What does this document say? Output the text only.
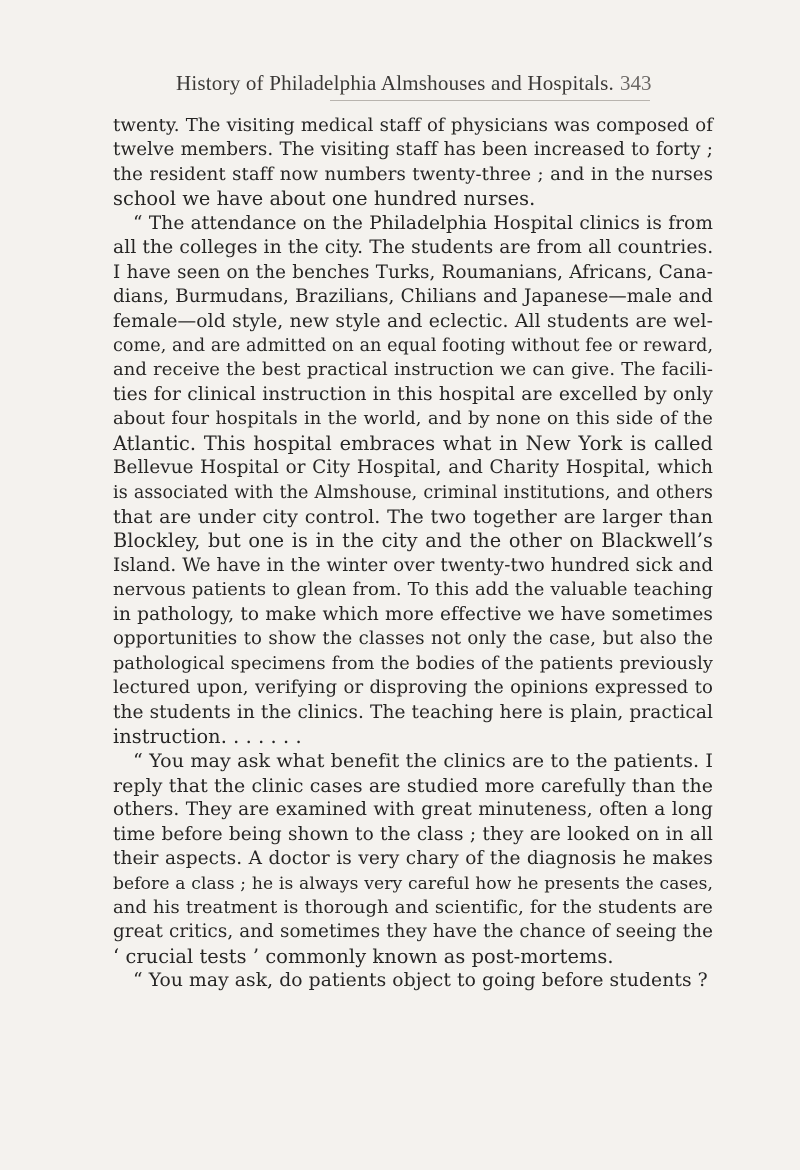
History of Philadelphia Almshouses and Hospitals. 343
twenty. The visiting medical staff of physicians was composed of
twelve members. The visiting staff has been increased to forty ;
the resident staff now numbers twenty-three ; and in the nurses
school we have about one hundred nurses.
“ The attendance on the Philadelphia Hospital clinics is from
all the colleges in the city. The students are from all countries.
I have seen on the benches Turks, Roumanians, Africans, Cana-
dians, Burmudans, Brazilians, Chilians and Japanese—male and
female—old style, new style and eclectic. All students are wel-
come, and are admitted on an equal footing without fee or reward,
and receive the best practical instruction we can give. The facili-
ties for clinical instruction in this hospital are excelled by only
about four hospitals in the world, and by none on this side of the
Atlantic. This hospital embraces what in New York is called
Bellevue Hospital or City Hospital, and Charity Hospital, which
is associated with the Almshouse, criminal institutions, and others
that are under city control. The two together are larger than
Blockley, but one is in the city and the other on Blackwell’s
Island. We have in the winter over twenty-two hundred sick and
nervous patients to glean from. To this add the valuable teaching
in pathology, to make which more effective we have sometimes
opportunities to show the classes not only the case, but also the
pathological specimens from the bodies of the patients previously
lectured upon, verifying or disproving the opinions expressed to
the students in the clinics. The teaching here is plain, practical
instruction. . . . . . .
“ You may ask what benefit the clinics are to the patients. I
reply that the clinic cases are studied more carefully than the
others. They are examined with great minuteness, often a long
time before being shown to the class ; they are looked on in all
their aspects. A doctor is very chary of the diagnosis he makes
before a class ; he is always very careful how he presents the cases,
and his treatment is thorough and scientific, for the students are
great critics, and sometimes they have the chance of seeing the
‘ crucial tests ’ commonly known as post-mortems.
“ You may ask, do patients object to going before students ?
